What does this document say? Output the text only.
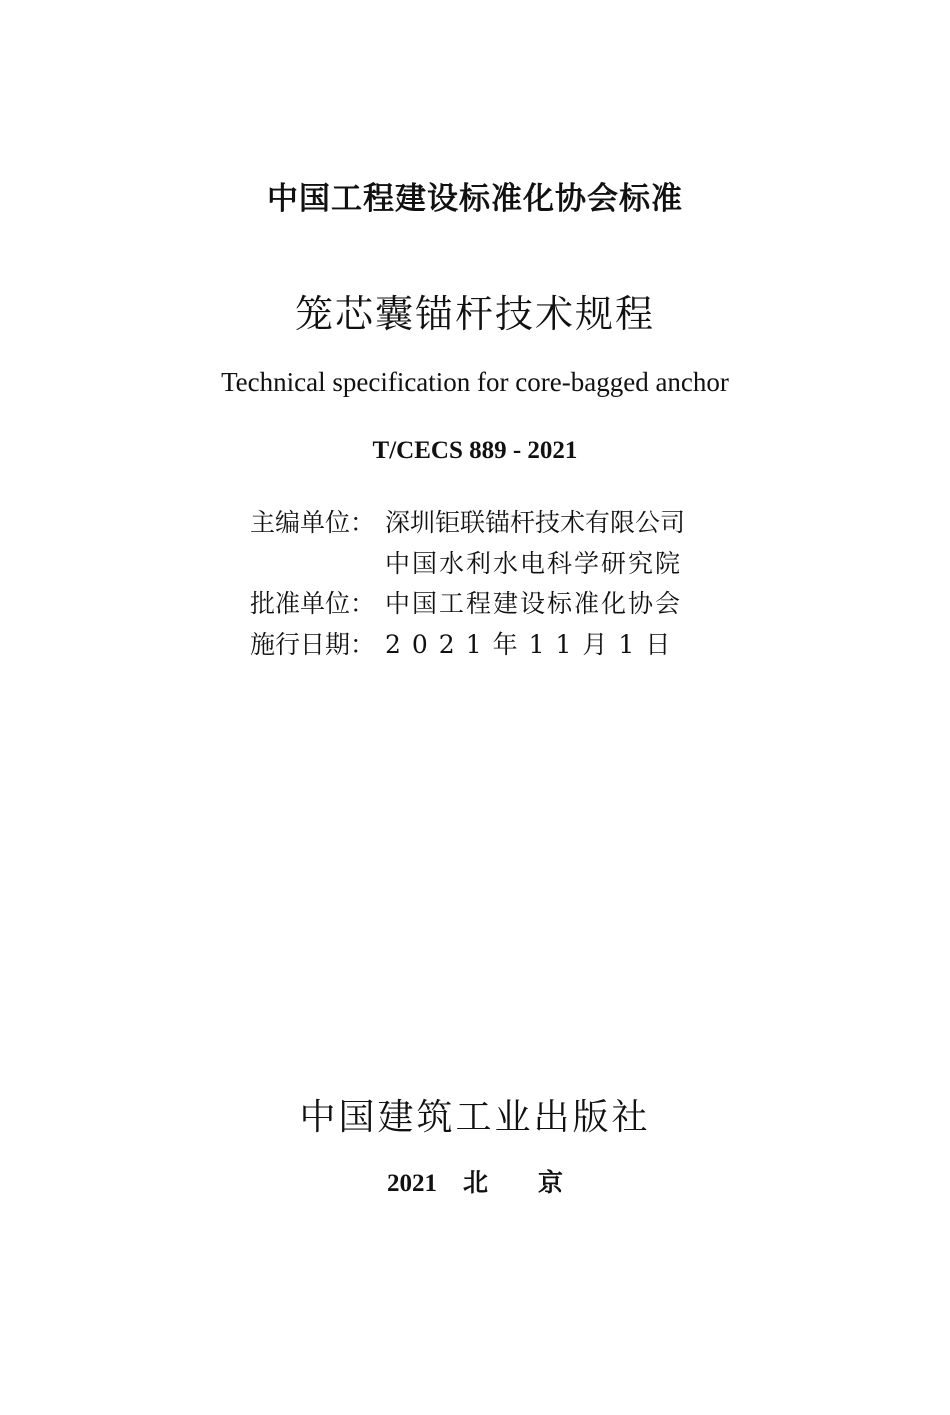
中国工程建设标准化协会标准
笼芯囊锚杆技术规程
Technical specification for core-bagged anchor
T/CECS 889 - 2021
主编单位： 深圳钜联锚杆技术有限公司
中国水利水电科学研究院
批准单位： 中国工程建设标准化协会
施行日期： 2021年11月1日
中国建筑工业出版社
2021 北 京
